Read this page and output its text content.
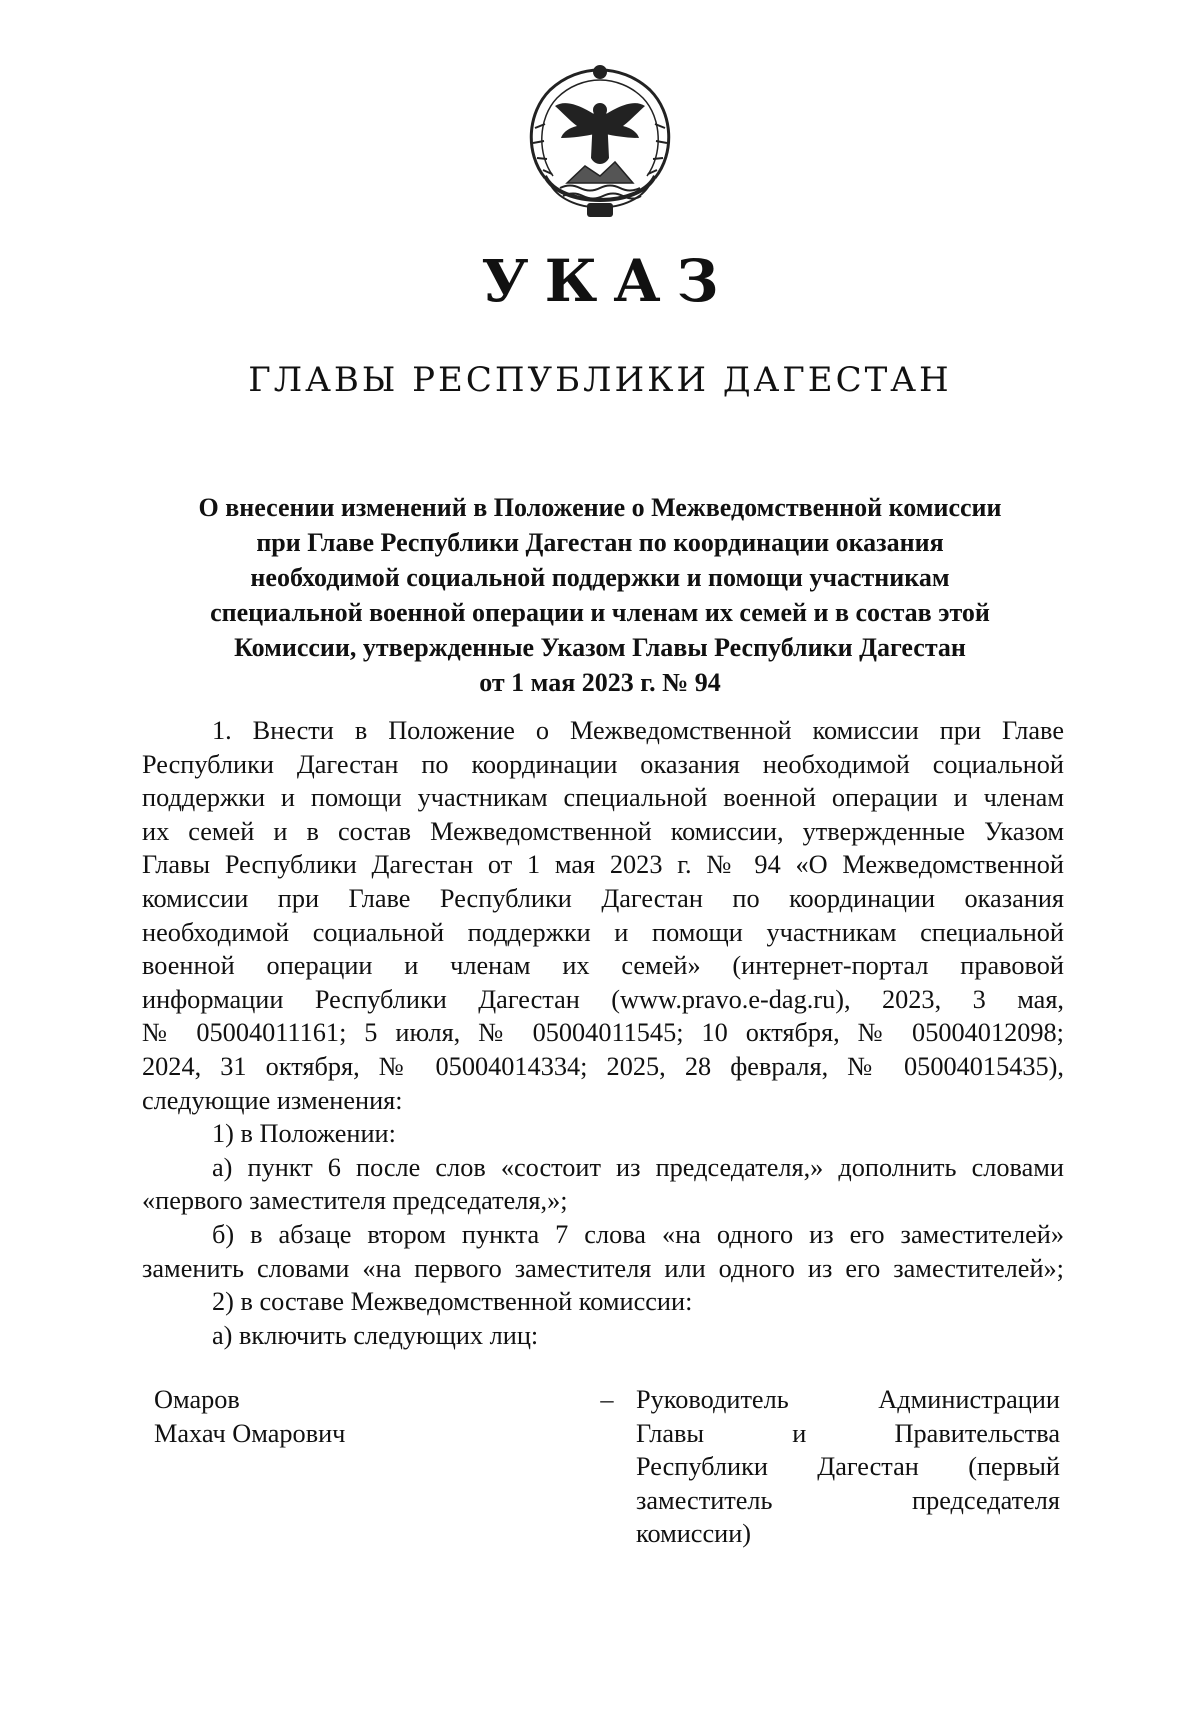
УКАЗ
ГЛАВЫ РЕСПУБЛИКИ ДАГЕСТАН
О внесении изменений в Положение о Межведомственной комиссии
при Главе Республики Дагестан по координации оказания
необходимой социальной поддержки и помощи участникам
специальной военной операции и членам их семей и в состав этой
Комиссии, утвержденные Указом Главы Республики Дагестан
от 1 мая 2023 г. № 94
1. Внести в Положение о Межведомственной комиссии при Главе
Республики Дагестан по координации оказания необходимой социальной
поддержки и помощи участникам специальной военной операции и членам
их семей и в состав Межведомственной комиссии, утвержденные Указом
Главы Республики Дагестан от 1 мая 2023 г. № 94 «О Межведомственной
комиссии при Главе Республики Дагестан по координации оказания
необходимой социальной поддержки и помощи участникам специальной
военной операции и членам их семей» (интернет-портал правовой
информации Республики Дагестан (www.pravo.e-dag.ru), 2023, 3 мая,
№ 05004011161; 5 июля, № 05004011545; 10 октября, № 05004012098;
2024, 31 октября, № 05004014334; 2025, 28 февраля, № 05004015435),
следующие изменения:
1) в Положении:
а) пункт 6 после слов «состоит из председателя,» дополнить словами
«первого заместителя председателя,»;
б) в абзаце втором пункта 7 слова «на одного из его заместителей»
заменить словами «на первого заместителя или одного из его заместителей»;
2) в составе Межведомственной комиссии:
а) включить следующих лиц:
Омаров
Махач Омарович
– Руководитель Администрации
Главы и Правительства
Республики Дагестан (первый
заместитель председателя
комиссии)
